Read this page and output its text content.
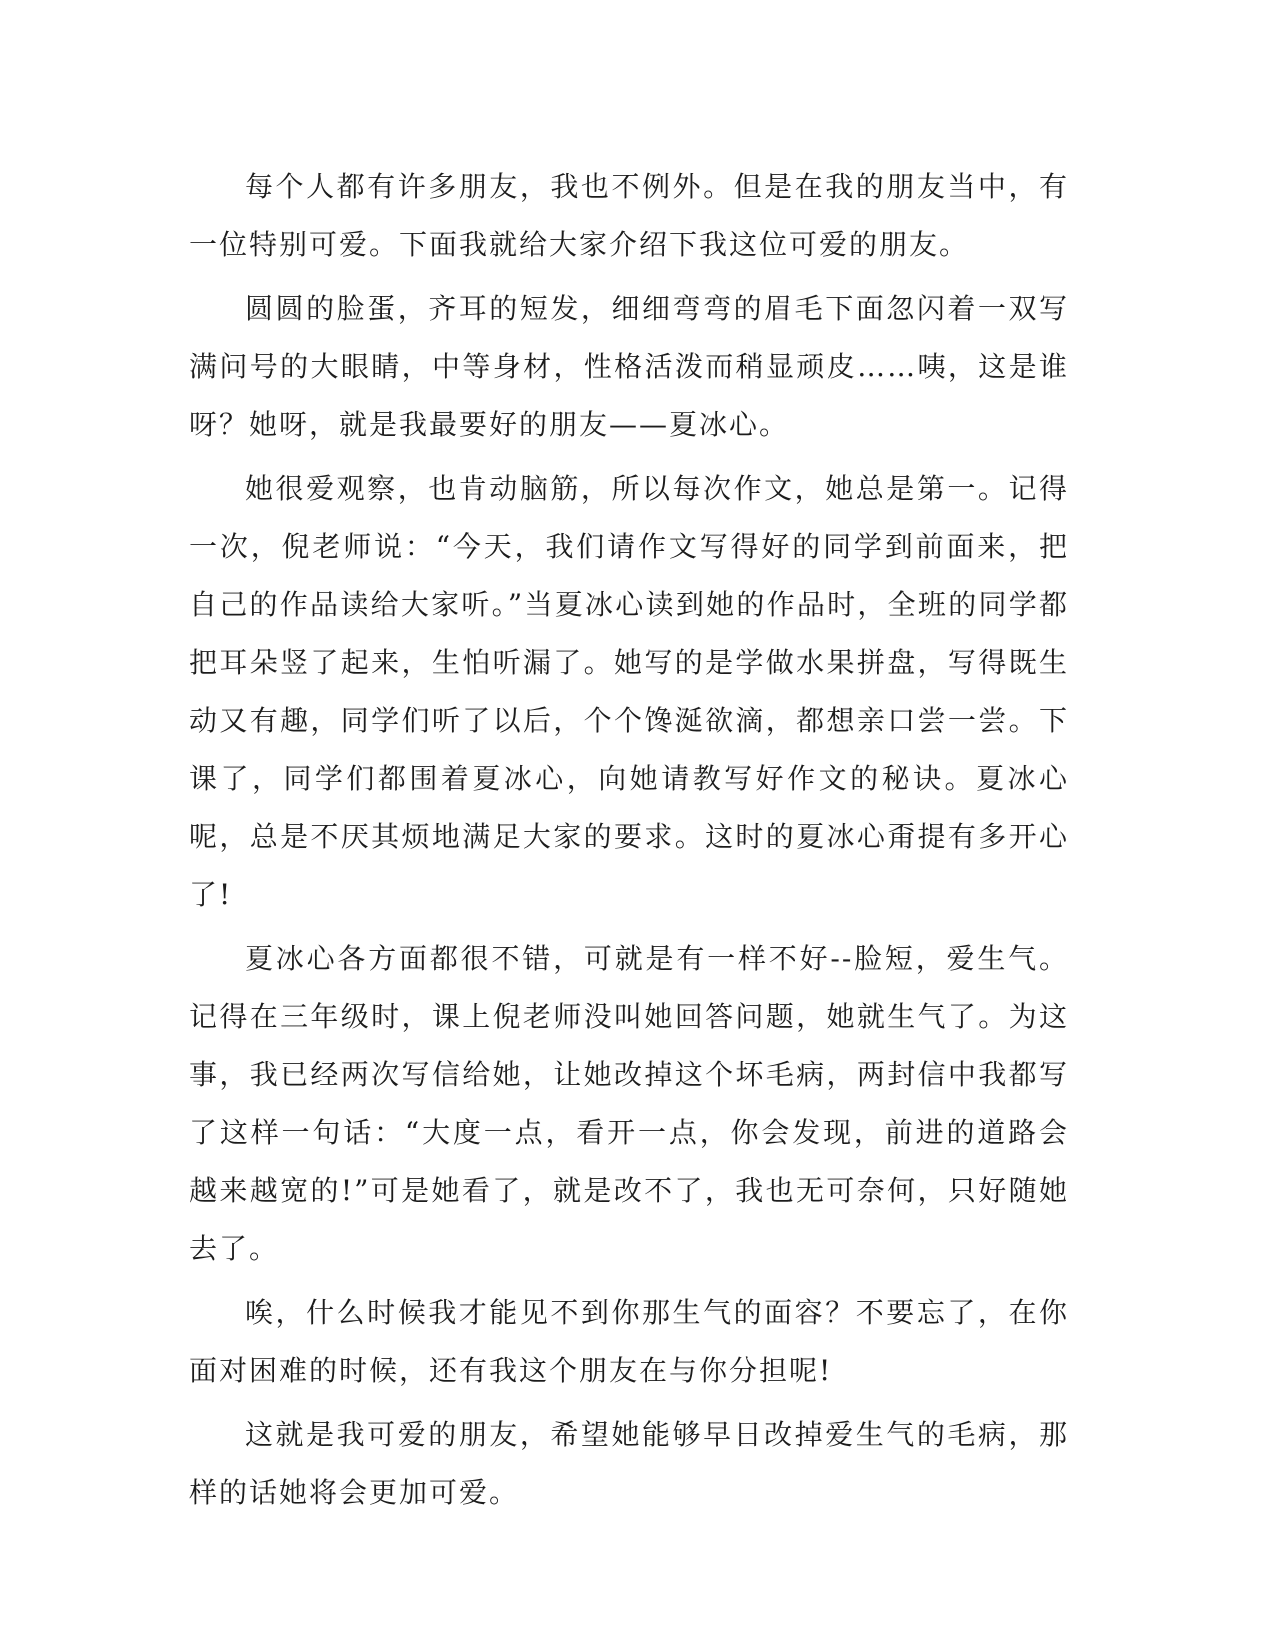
每个人都有许多朋友，我也不例外。但是在我的朋友当中，有一位特别可爱。下面我就给大家介绍下我这位可爱的朋友。

圆圆的脸蛋，齐耳的短发，细细弯弯的眉毛下面忽闪着一双写满问号的大眼睛，中等身材，性格活泼而稍显顽皮……咦，这是谁呀？她呀，就是我最要好的朋友——夏冰心。

她很爱观察，也肯动脑筋，所以每次作文，她总是第一。记得一次，倪老师说：“今天，我们请作文写得好的同学到前面来，把自己的作品读给大家听。”当夏冰心读到她的作品时，全班的同学都把耳朵竖了起来，生怕听漏了。她写的是学做水果拼盘，写得既生动又有趣，同学们听了以后，个个馋涎欲滴，都想亲口尝一尝。下课了，同学们都围着夏冰心，向她请教写好作文的秘诀。夏冰心呢，总是不厌其烦地满足大家的要求。这时的夏冰心甭提有多开心了!

夏冰心各方面都很不错，可就是有一样不好--脸短，爱生气。记得在三年级时，课上倪老师没叫她回答问题，她就生气了。为这事，我已经两次写信给她，让她改掉这个坏毛病，两封信中我都写了这样一句话：“大度一点，看开一点，你会发现，前进的道路会越来越宽的!”可是她看了，就是改不了，我也无可奈何，只好随她去了。

唉，什么时候我才能见不到你那生气的面容？不要忘了，在你面对困难的时候，还有我这个朋友在与你分担呢!

这就是我可爱的朋友，希望她能够早日改掉爱生气的毛病，那样的话她将会更加可爱。
